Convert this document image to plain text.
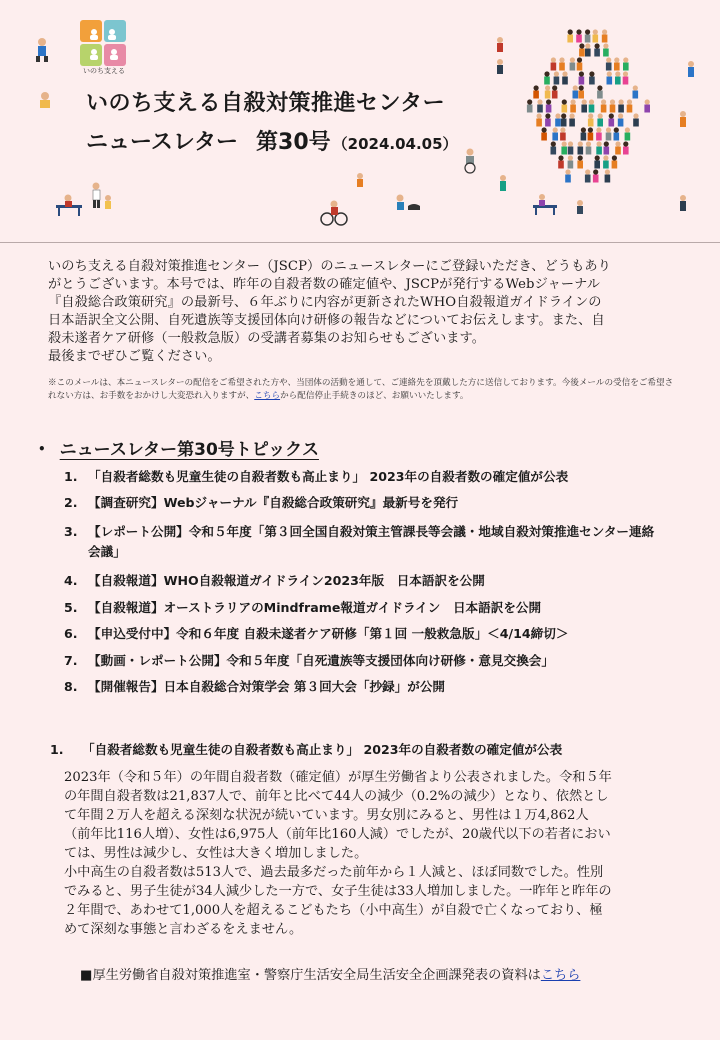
いのち支える
いのち支える自殺対策推進センター
ニュースレター 第30号 （2024.04.05）

いのち支える自殺対策推進センター（JSCP）のニュースレターにご登録いただき、どうもあり

がとうございます。本号では、昨年の自殺者数の確定値や、JSCPが発行するWebジャーナル

『自殺総合政策研究』の最新号、６年ぶりに内容が更新されたWHO自殺報道ガイドラインの

日本語訳全文公開、自死遺族等支援団体向け研修の報告などについてお伝えします。また、自

殺未遂者ケア研修（一般救急版）の受講者募集のお知らせもございます。

最後までぜひご覧ください。

※このメールは、本ニュースレターの配信をご希望された方や、当団体の活動を通して、ご連絡先を頂戴した方に送信しております。今後メールの受信をご希望されない方は、お手数をおかけし大変恐れ入りますが、こちらから配信停止手続きのほど、お願いいたします。
• ニュースレター第30号トピックス
1. 「自殺者総数も児童生徒の自殺者数も高止まり」 2023年の自殺者数の確定値が公表
2. 【調査研究】Webジャーナル『自殺総合政策研究』最新号を発行
3. 【レポート公開】令和５年度「第３回全国自殺対策主管課長等会議・地域自殺対策推進センター連絡会議」
4. 【自殺報道】WHO自殺報道ガイドライン2023年版　日本語訳を公開
5. 【自殺報道】オーストラリアのMindframe報道ガイドライン　日本語訳を公開
6. 【申込受付中】令和６年度 自殺未遂者ケア研修「第１回 一般救急版」＜4/14締切＞
7. 【動画・レポート公開】令和５年度「自死遺族等支援団体向け研修・意見交換会」
8. 【開催報告】日本自殺総合対策学会 第３回大会「抄録」が公開
1. 「自殺者総数も児童生徒の自殺者数も高止まり」 2023年の自殺者数の確定値が公表

2023年（令和５年）の年間自殺者数（確定値）が厚生労働省より公表されました。令和５年

の年間自殺者数は21,837人で、前年と比べて44人の減少（0.2%の減少）となり、依然とし

て年間２万人を超える深刻な状況が続いています。男女別にみると、男性は１万4,862人

（前年比116人増）、女性は6,975人（前年比160人減）でしたが、20歳代以下の若者におい

ては、男性は減少し、女性は大きく増加しました。

小中高生の自殺者数は513人で、過去最多だった前年から１人減と、ほぼ同数でした。性別

でみると、男子生徒が34人減少した一方で、女子生徒は33人増加しました。一昨年と昨年の

２年間で、あわせて1,000人を超えるこどもたち（小中高生）が自殺で亡くなっており、極

めて深刻な事態と言わざるをえません。

■厚生労働省自殺対策推進室・警察庁生活安全局生活安全企画課発表の資料はこちら
